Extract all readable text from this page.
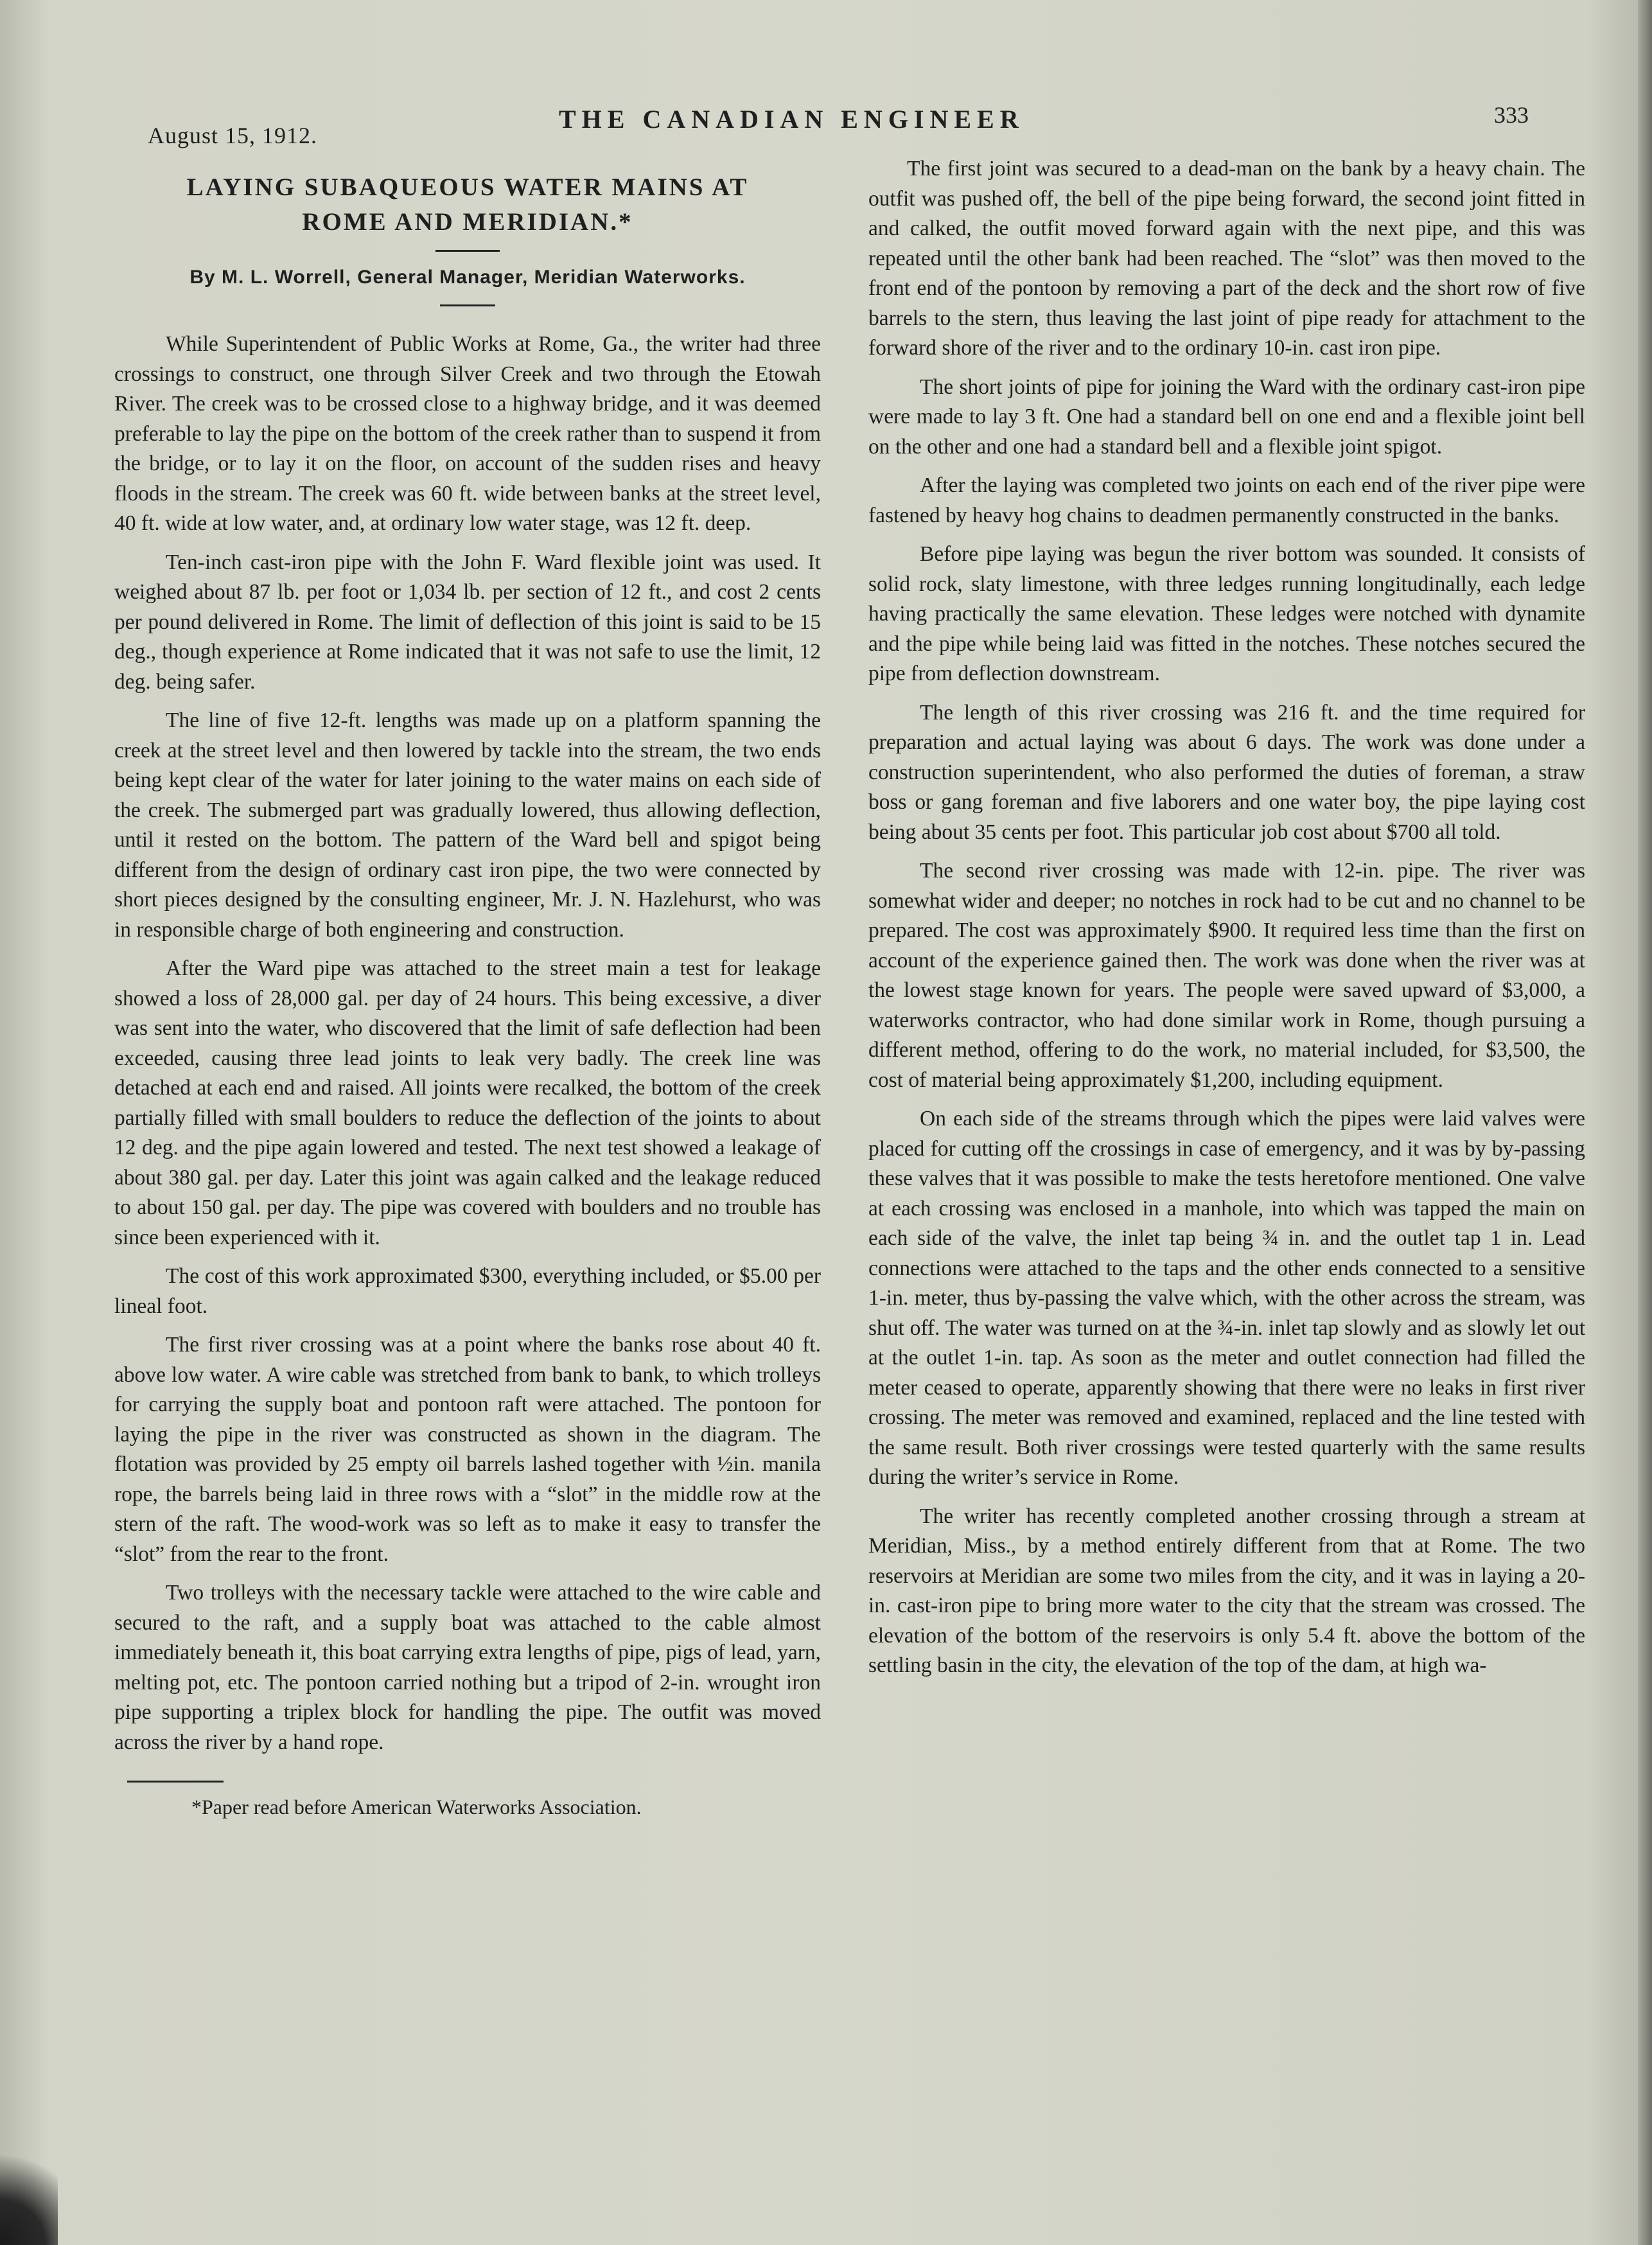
August 15, 1912.
THE CANADIAN ENGINEER	333
LAYING SUBAQUEOUS WATER MAINS AT
ROME AND MERIDIAN.*
By M. L. Worrell, General Manager, Meridian Waterworks.

While Superintendent of Public Works at Rome, Ga., the writer had three crossings to construct, one through Silver Creek and two through the Etowah River. The creek was to be crossed close to a highway bridge, and it was deemed preferable to lay the pipe on the bottom of the creek rather than to suspend it from the bridge, or to lay it on the floor, on account of the sudden rises and heavy floods in the stream. The creek was 60 ft. wide between banks at the street level, 40 ft. wide at low water, and, at ordinary low water stage, was 12 ft. deep.

Ten-inch cast-iron pipe with the John F. Ward flexible joint was used. It weighed about 87 lb. per foot or 1,034 lb. per section of 12 ft., and cost 2 cents per pound delivered in Rome. The limit of deflection of this joint is said to be 15 deg., though experience at Rome indicated that it was not safe to use the limit, 12 deg. being safer.

The line of five 12-ft. lengths was made up on a platform spanning the creek at the street level and then lowered by tackle into the stream, the two ends being kept clear of the water for later joining to the water mains on each side of the creek. The submerged part was gradually lowered, thus allowing deflection, until it rested on the bottom. The pattern of the Ward bell and spigot being different from the design of ordinary cast iron pipe, the two were connected by short pieces designed by the consulting engineer, Mr. J. N. Hazlehurst, who was in responsible charge of both engineering and construction.

After the Ward pipe was attached to the street main a test for leakage showed a loss of 28,000 gal. per day of 24 hours. This being excessive, a diver was sent into the water, who discovered that the limit of safe deflection had been exceeded, causing three lead joints to leak very badly. The creek line was detached at each end and raised. All joints were recalked, the bottom of the creek partially filled with small boulders to reduce the deflection of the joints to about 12 deg. and the pipe again lowered and tested. The next test showed a leakage of about 380 gal. per day. Later this joint was again calked and the leakage reduced to about 150 gal. per day. The pipe was covered with boulders and no trouble has since been experienced with it.

The cost of this work approximated $300, everything included, or $5.00 per lineal foot.

The first river crossing was at a point where the banks rose about 40 ft. above low water. A wire cable was stretched from bank to bank, to which trolleys for carrying the supply boat and pontoon raft were attached. The pontoon for laying the pipe in the river was constructed as shown in the diagram. The flotation was provided by 25 empty oil barrels lashed together with ½in. manila rope, the barrels being laid in three rows with a “slot” in the middle row at the stern of the raft. The wood-work was so left as to make it easy to transfer the “slot” from the rear to the front.

Two trolleys with the necessary tackle were attached to the wire cable and secured to the raft, and a supply boat was attached to the cable almost immediately beneath it, this boat carrying extra lengths of pipe, pigs of lead, yarn, melting pot, etc. The pontoon carried nothing but a tripod of 2-in. wrought iron pipe supporting a triplex block for handling the pipe. The outfit was moved across the river by a hand rope.

*Paper read before American Waterworks Association.

The first joint was secured to a dead-man on the bank by a heavy chain. The outfit was pushed off, the bell of the pipe being forward, the second joint fitted in and calked, the outfit moved forward again with the next pipe, and this was repeated until the other bank had been reached. The “slot” was then moved to the front end of the pontoon by removing a part of the deck and the short row of five barrels to the stern, thus leaving the last joint of pipe ready for attachment to the forward shore of the river and to the ordinary 10-in. cast iron pipe.

The short joints of pipe for joining the Ward with the ordinary cast-iron pipe were made to lay 3 ft. One had a standard bell on one end and a flexible joint bell on the other and one had a standard bell and a flexible joint spigot.

After the laying was completed two joints on each end of the river pipe were fastened by heavy hog chains to deadmen permanently constructed in the banks.

Before pipe laying was begun the river bottom was sounded. It consists of solid rock, slaty limestone, with three ledges running longitudinally, each ledge having practically the same elevation. These ledges were notched with dynamite and the pipe while being laid was fitted in the notches. These notches secured the pipe from deflection downstream.

The length of this river crossing was 216 ft. and the time required for preparation and actual laying was about 6 days. The work was done under a construction superintendent, who also performed the duties of foreman, a straw boss or gang foreman and five laborers and one water boy, the pipe laying cost being about 35 cents per foot. This particular job cost about $700 all told.

The second river crossing was made with 12-in. pipe. The river was somewhat wider and deeper; no notches in rock had to be cut and no channel to be prepared. The cost was approximately $900. It required less time than the first on account of the experience gained then. The work was done when the river was at the lowest stage known for years. The people were saved upward of $3,000, a waterworks contractor, who had done similar work in Rome, though pursuing a different method, offering to do the work, no material included, for $3,500, the cost of material being approximately $1,200, including equipment.

On each side of the streams through which the pipes were laid valves were placed for cutting off the crossings in case of emergency, and it was by by-passing these valves that it was possible to make the tests heretofore mentioned. One valve at each crossing was enclosed in a manhole, into which was tapped the main on each side of the valve, the inlet tap being ¾ in. and the outlet tap 1 in. Lead connections were attached to the taps and the other ends connected to a sensitive 1-in. meter, thus by-passing the valve which, with the other across the stream, was shut off. The water was turned on at the ¾-in. inlet tap slowly and as slowly let out at the outlet 1-in. tap. As soon as the meter and outlet connection had filled the meter ceased to operate, apparently showing that there were no leaks in first river crossing. The meter was removed and examined, replaced and the line tested with the same result. Both river crossings were tested quarterly with the same results during the writer’s service in Rome.

The writer has recently completed another crossing through a stream at Meridian, Miss., by a method entirely different from that at Rome. The two reservoirs at Meridian are some two miles from the city, and it was in laying a 20-in. cast-iron pipe to bring more water to the city that the stream was crossed. The elevation of the bottom of the reservoirs is only 5.4 ft. above the bottom of the settling basin in the city, the elevation of the top of the dam, at high wa-
